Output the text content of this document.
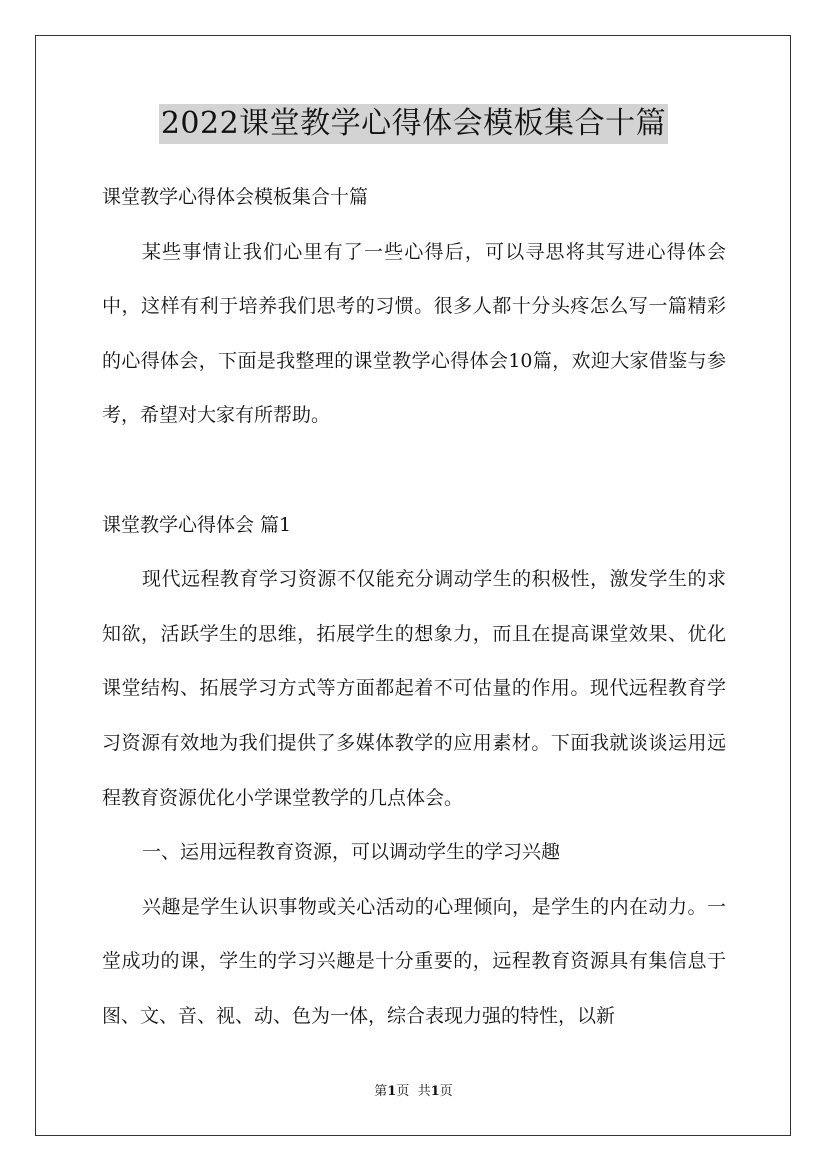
2022课堂教学心得体会模板集合十篇

课堂教学心得体会模板集合十篇

某些事情让我们心里有了一些心得后，可以寻思将其写进心得体会中，这样有利于培养我们思考的习惯。很多人都十分头疼怎么写一篇精彩的心得体会，下面是我整理的课堂教学心得体会10篇，欢迎大家借鉴与参考，希望对大家有所帮助。

课堂教学心得体会 篇1

现代远程教育学习资源不仅能充分调动学生的积极性，激发学生的求知欲，活跃学生的思维，拓展学生的想象力，而且在提高课堂效果、优化课堂结构、拓展学习方式等方面都起着不可估量的作用。现代远程教育学习资源有效地为我们提供了多媒体教学的应用素材。下面我就谈谈运用远程教育资源优化小学课堂教学的几点体会。

一、运用远程教育资源，可以调动学生的学习兴趣

兴趣是学生认识事物或关心活动的心理倾向，是学生的内在动力。一堂成功的课，学生的学习兴趣是十分重要的，远程教育资源具有集信息于图、文、音、视、动、色为一体，综合表现力强的特性，以新

第1页 共1页
